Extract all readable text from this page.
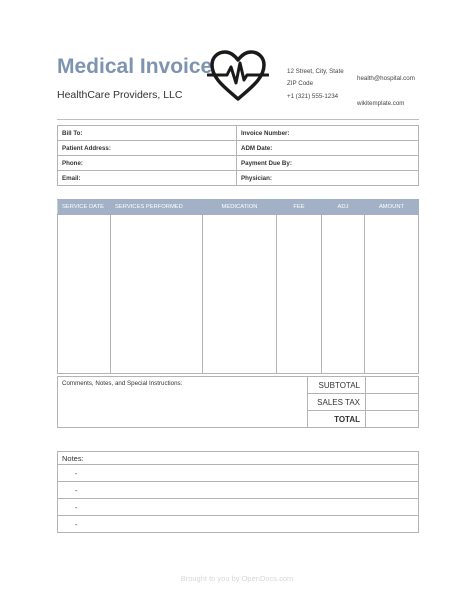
Medical Invoice
HealthCare Providers, LLC
12 Street, City, State
ZIP Code
+1 (321) 555-1234
health@hospital.com
wikitemplate.com
Bill To:	Invoice Number:
Patient Address:	ADM Date:
Phone:	Payment Due By:
Email:	Physician:
SERVICE DATE	SERVICES PERFORMED	MEDICATION	FEE	ADJ	AMOUNT

Comments, Notes, and Special Instructions:	SUBTOTAL	
	SALES TAX	
	TOTAL	
Notes:
-
-
-
-
Brought to you by OpenDocs.com
